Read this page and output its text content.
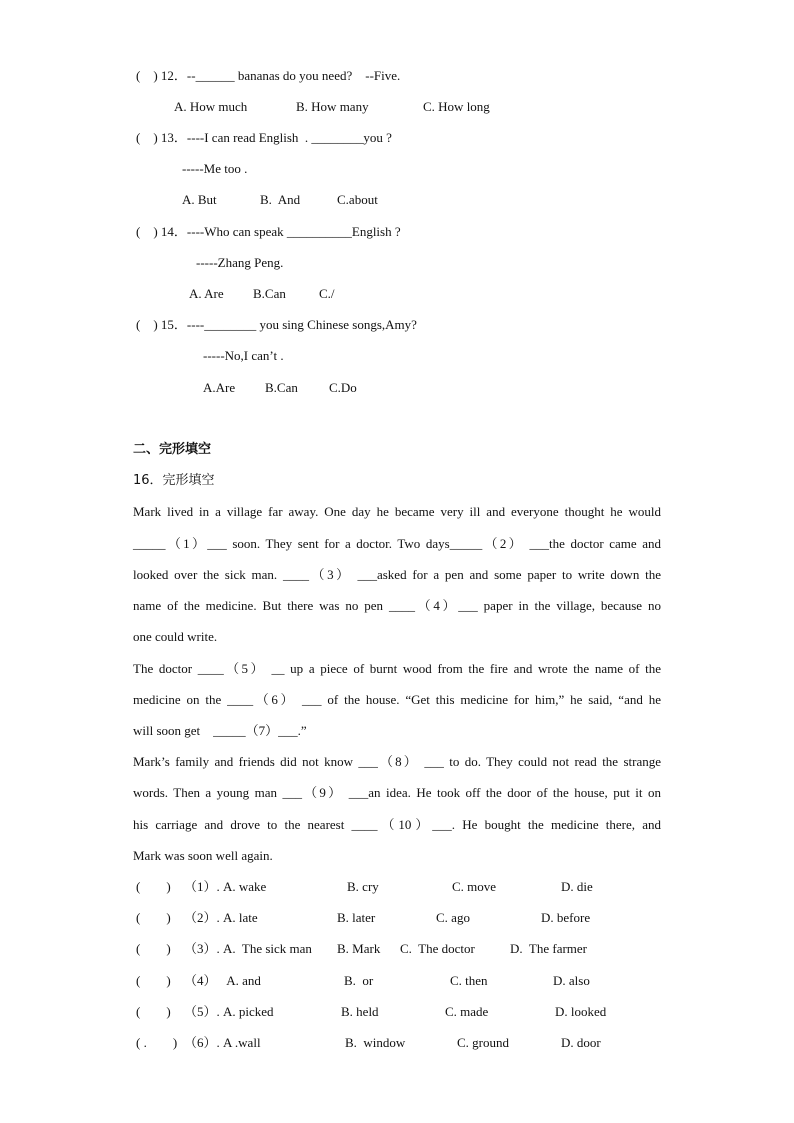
(    ) 12．--______ bananas do you need?    --Five.
A. How much	B. How many	C. How long
(    ) 13．----I can read English  . ________you ?
-----Me too .
A. But	B.  And	C.about
(    ) 14．----Who can speak __________English ?
-----Zhang Peng.
A. Are B.Can	C./
(    ) 15．----________ you sing Chinese songs,Amy?
-----No,I can’t .
A.Are B.Can C.Do
二、完形填空
16．完形填空
Mark lived in a village far away. One day he became very ill and everyone thought he would
_____（1）___ soon. They sent for a doctor. Two days_____（2） ___the doctor came and
looked over the sick man. ____（3） ___asked for a pen and some paper to write down the
name of the medicine. But there was no pen ____（4）___ paper in the village, because no
one could write.
The doctor ____（5） __ up a piece of burnt wood from the fire and wrote the name of the
medicine on the ____（6） ___ of the house. “Get this medicine for him,” he said, “and he
will soon get    _____（7）___.”
Mark’s family and friends did not know ___（8） ___ to do. They could not read the strange
words. Then a young man ___（9） ___an idea. He took off the door of the house, put it on
his carriage and drove to the nearest ____（10）___. He bought the medicine there, and
Mark was soon well again.
(        ) （1）. A. wake	B. cry	C. move	D. die
(        ) （2）. A. late	B. later	C. ago	D. before
(        ) （3）. A.  The sick man B. Mark C.  The doctor	D.  The farmer
(        ) （4）   A. and	B.  or	C. then	D. also
(        ) （5）. A. picked	B. held	C. made	D. looked
( .        ) （6）. A .wall	B.  window	C. ground	D. door
